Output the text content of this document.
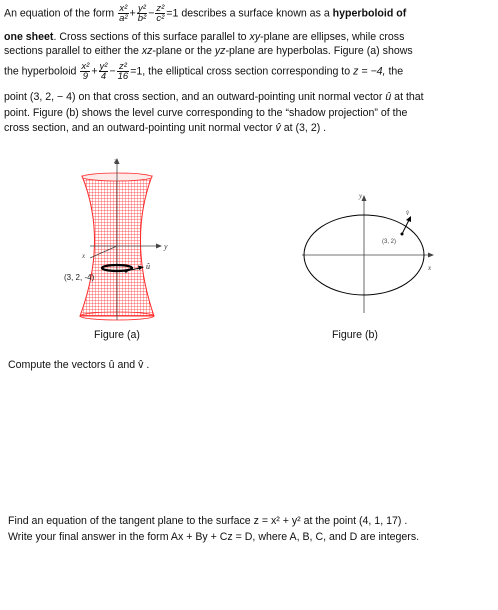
An equation of the form $\frac{\text{x²}}{\text{a²}} + \frac{\text{y²}}{\text{b²}} - \frac{\text{z²}}{\text{c²}} =1$ describes a surface known as a hyperboloid of
one sheet. Cross sections of this surface parallel to xy-plane are ellipses, while cross
sections parallel to either the xz-plane or the yz-plane are hyperbolas. Figure (a) shows
the hyperboloid $\frac{\text{x²}}{9} + \frac{\text{y²}}{4} - \frac{\text{z²}}{16} =1$, the elliptical cross section corresponding to z = −4, the
point (3, 2, − 4) on that cross section, and an outward-pointing unit normal vector û at that
point. Figure (b) shows the level curve corresponding to the “shadow projection” of the
cross section, and an outward-pointing unit normal vector v̂ at (3, 2) .
z
y
x
(3, 2, -4)
û
Figure (a)
y
x
(3, 2)
v̂
Figure (b)
Compute the vectors û and v̂ .
Find an equation of the tangent plane to the surface z = x² + y² at the point (4, 1, 17) .
Write your final answer in the form Ax + By + Cz = D, where A, B, C, and D are integers.
